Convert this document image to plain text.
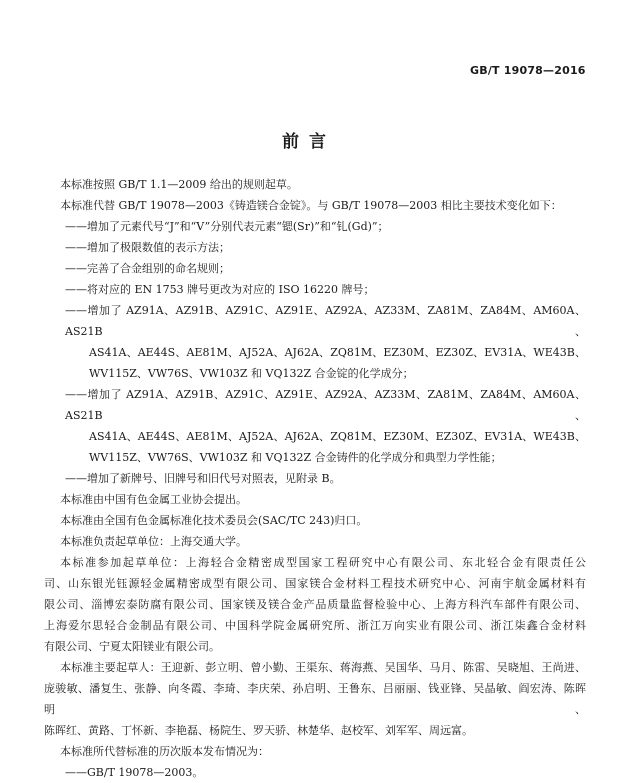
GB/T 19078—2016
前言

本标准按照 GB/T 1.1—2009 给出的规则起草。

本标准代替 GB/T 19078—2003《铸造镁合金锭》。与 GB/T 19078—2003 相比主要技术变化如下：

——增加了元素代号“J”和“V”分别代表元素“锶(Sr)”和“钆(Gd)”；

——增加了极限数值的表示方法；

——完善了合金组别的命名规则；

——将对应的 EN 1753 牌号更改为对应的 ISO 16220 牌号；

——增加了 AZ91A、AZ91B、AZ91C、AZ91E、AZ92A、AZ33M、ZA81M、ZA84M、AM60A、AS21B、

AS41A、AE44S、AE81M、AJ52A、AJ62A、ZQ81M、EZ30M、EZ30Z、EV31A、WE43B、

WV115Z、VW76S、VW103Z 和 VQ132Z 合金锭的化学成分；

——增加了 AZ91A、AZ91B、AZ91C、AZ91E、AZ92A、AZ33M、ZA81M、ZA84M、AM60A、AS21B、

AS41A、AE44S、AE81M、AJ52A、AJ62A、ZQ81M、EZ30M、EZ30Z、EV31A、WE43B、

WV115Z、VW76S、VW103Z 和 VQ132Z 合金铸件的化学成分和典型力学性能；

——增加了新牌号、旧牌号和旧代号对照表，见附录 B。

本标准由中国有色金属工业协会提出。

本标准由全国有色金属标准化技术委员会(SAC/TC 243)归口。

本标准负责起草单位：上海交通大学。

本标准参加起草单位：上海轻合金精密成型国家工程研究中心有限公司、东北轻合金有限责任公

司、山东银光钰源轻金属精密成型有限公司、国家镁合金材料工程技术研究中心、河南宇航金属材料有

限公司、淄博宏泰防腐有限公司、国家镁及镁合金产品质量监督检验中心、上海方科汽车部件有限公司、

上海爱尔思轻合金制品有限公司、中国科学院金属研究所、浙江万向实业有限公司、浙江柒鑫合金材料

有限公司、宁夏太阳镁业有限公司。

本标准主要起草人：王迎新、彭立明、曾小勤、王渠东、蒋海燕、吴国华、马月、陈雷、吴晓旭、王尚进、

庞骏敏、潘复生、张静、向冬霞、李琦、李庆荣、孙启明、王鲁东、吕丽丽、钱亚锋、吴晶敏、阎宏涛、陈晖明、

陈晖红、黄路、丁怀新、李艳磊、杨院生、罗天骄、林楚华、赵校军、刘军军、周远富。

本标准所代替标准的历次版本发布情况为：

——GB/T 19078—2003。
